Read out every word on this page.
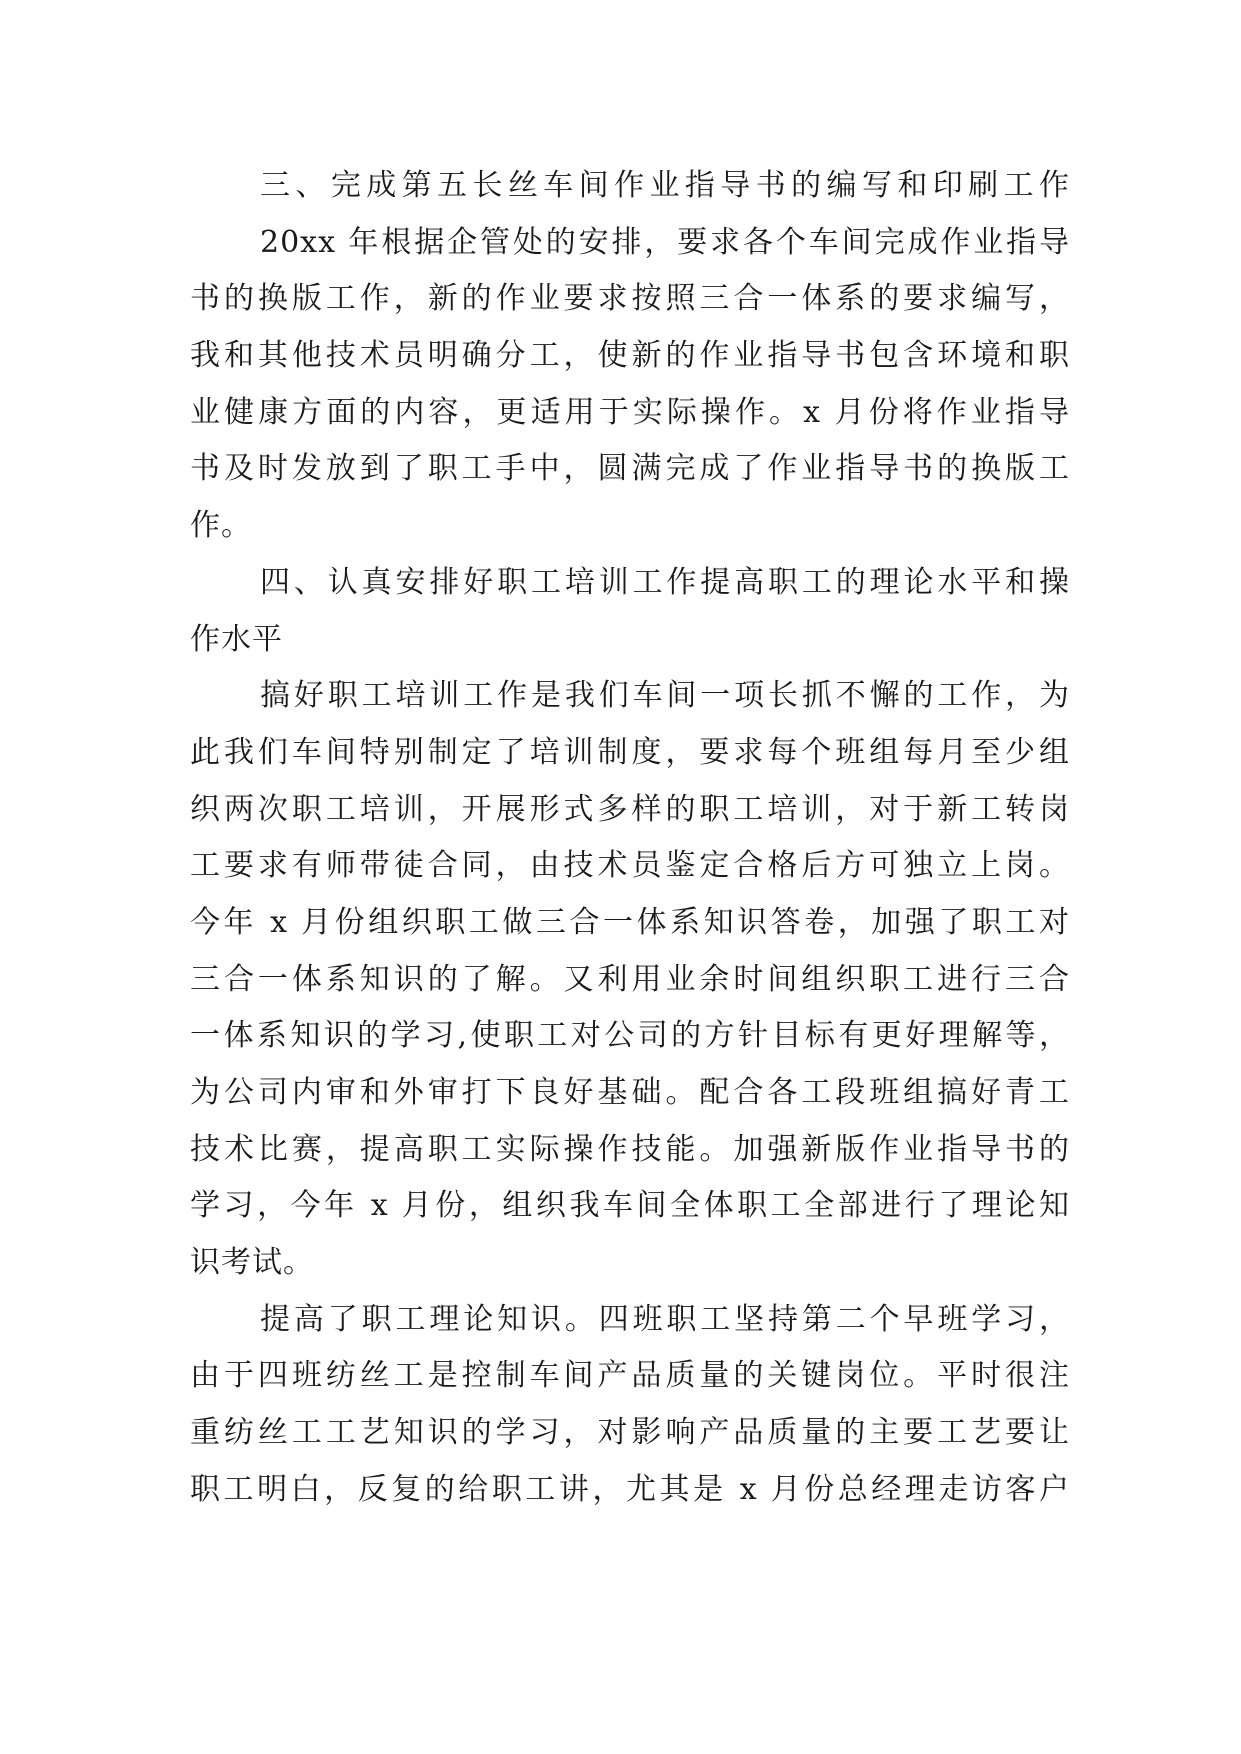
三、完成第五长丝车间作业指导书的编写和印刷工作
20xx 年根据企管处的安排，要求各个车间完成作业指导
书的换版工作，新的作业要求按照三合一体系的要求编写，
我和其他技术员明确分工，使新的作业指导书包含环境和职
业健康方面的内容，更适用于实际操作。x 月份将作业指导
书及时发放到了职工手中，圆满完成了作业指导书的换版工
作。
四、认真安排好职工培训工作提高职工的理论水平和操
作水平
搞好职工培训工作是我们车间一项长抓不懈的工作，为
此我们车间特别制定了培训制度，要求每个班组每月至少组
织两次职工培训，开展形式多样的职工培训，对于新工转岗
工要求有师带徒合同，由技术员鉴定合格后方可独立上岗。
今年 x 月份组织职工做三合一体系知识答卷，加强了职工对
三合一体系知识的了解。又利用业余时间组织职工进行三合
一体系知识的学习,使职工对公司的方针目标有更好理解等，
为公司内审和外审打下良好基础。配合各工段班组搞好青工
技术比赛，提高职工实际操作技能。加强新版作业指导书的
学习，今年 x 月份，组织我车间全体职工全部进行了理论知
识考试。
提高了职工理论知识。四班职工坚持第二个早班学习，
由于四班纺丝工是控制车间产品质量的关键岗位。平时很注
重纺丝工工艺知识的学习，对影响产品质量的主要工艺要让
职工明白，反复的给职工讲，尤其是 x 月份总经理走访客户
